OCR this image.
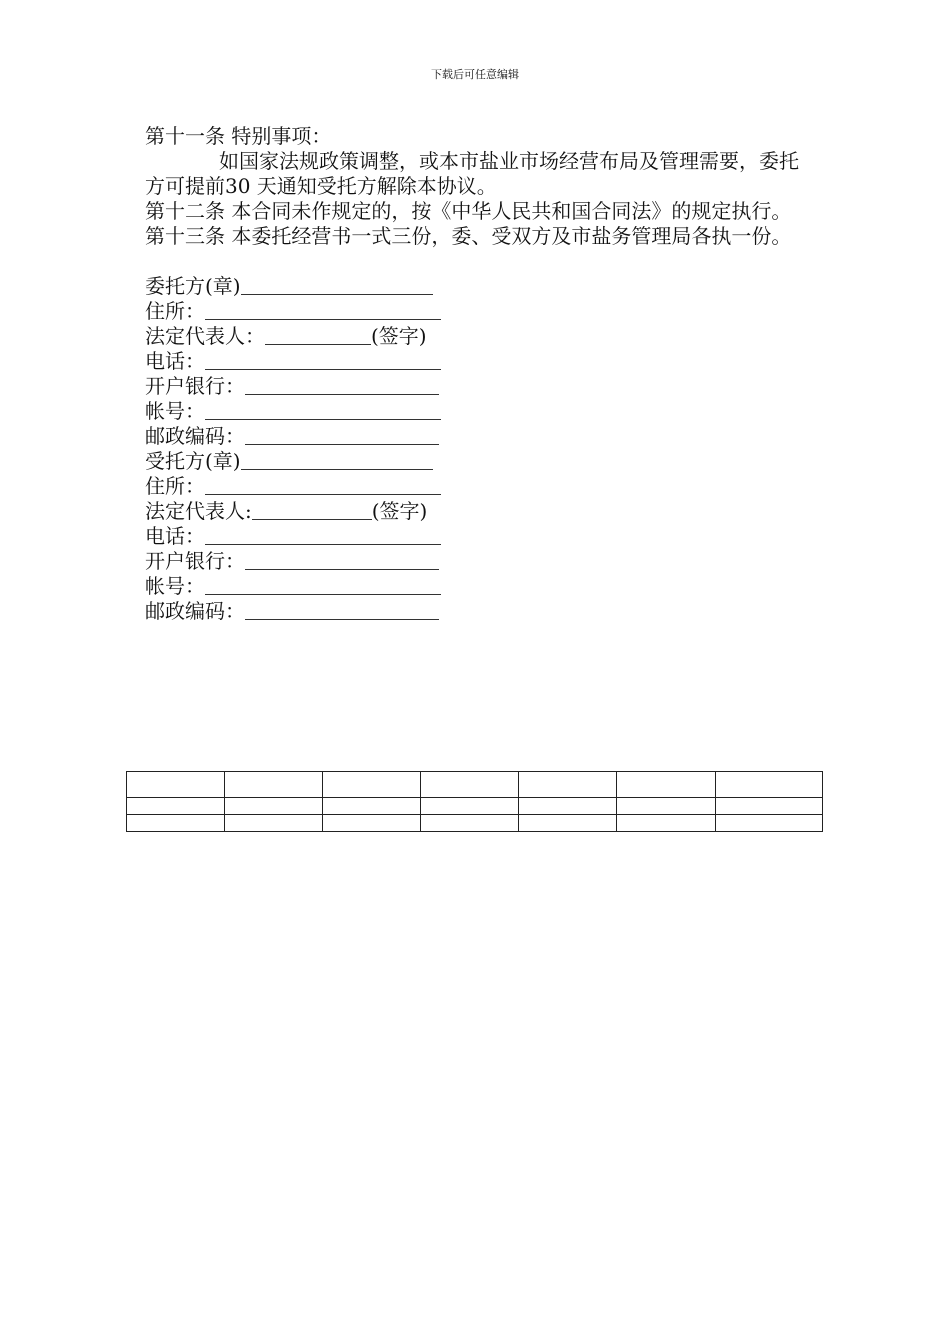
下载后可任意编辑

第十一条 特别事项：

如国家法规政策调整，或本市盐业市场经营布局及管理需要，委托方可提前30 天通知受托方解除本协议。

第十二条 本合同未作规定的，按《中华人民共和国合同法》的规定执行。

第十三条 本委托经营书一式三份，委、受双方及市盐务管理局各执一份。

委托方(章)
住所：
法定代表人：	(签字)
电话：
开户银行：
帐号：
邮政编码：
受托方(章)
住所：
法定代表人:	(签字)
电话：
开户银行：
帐号：
邮政编码：
